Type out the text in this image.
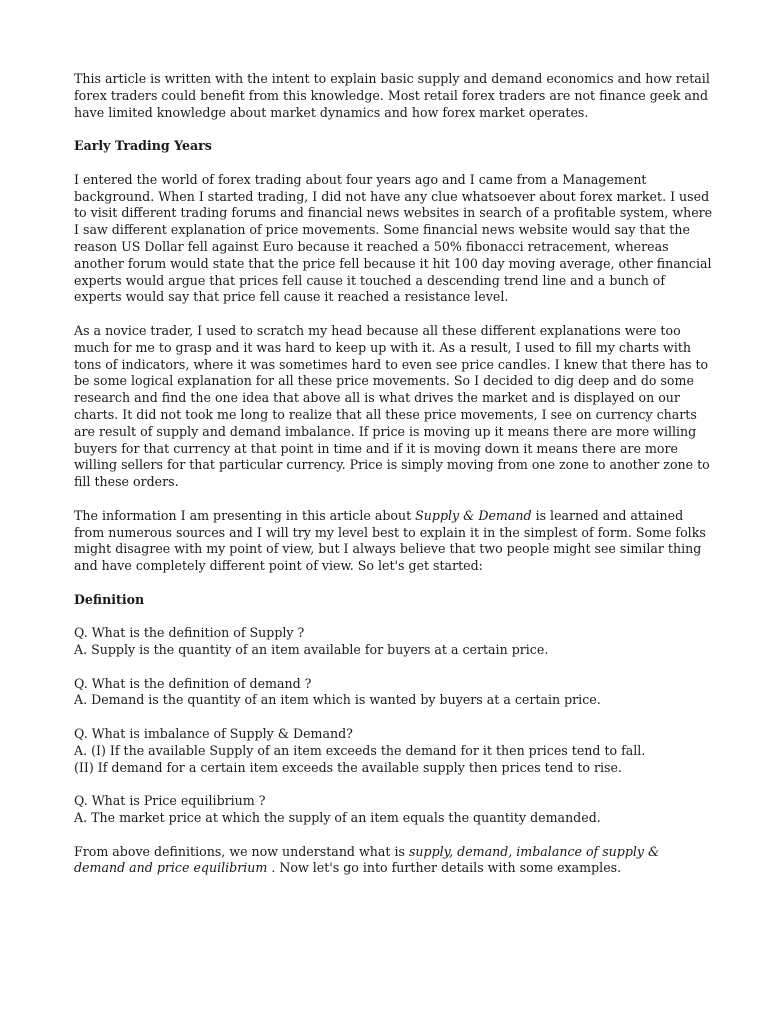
This article is written with the intent to explain basic supply and demand economics and how retail forex traders could benefit from this knowledge. Most retail forex traders are not finance geek and have limited knowledge about market dynamics and how forex market operates.

Early Trading Years

I entered the world of forex trading about four years ago and I came from a Management background. When I started trading, I did not have any clue whatsoever about forex market. I used to visit different trading forums and financial news websites in search of a profitable system, where I saw different explanation of price movements. Some financial news website would say that the reason US Dollar fell against Euro because it reached a 50% fibonacci retracement, whereas another forum would state that the price fell because it hit 100 day moving average, other financial experts would argue that prices fell cause it touched a descending trend line and a bunch of experts would say that price fell cause it reached a resistance level.

As a novice trader, I used to scratch my head because all these different explanations were too much for me to grasp and it was hard to keep up with it. As a result, I used to fill my charts with tons of indicators, where it was sometimes hard to even see price candles. I knew that there has to be some logical explanation for all these price movements. So I decided to dig deep and do some research and find the one idea that above all is what drives the market and is displayed on our charts. It did not took me long to realize that all these price movements, I see on currency charts are result of supply and demand imbalance. If price is moving up it means there are more willing buyers for that currency at that point in time and if it is moving down it means there are more willing sellers for that particular currency. Price is simply moving from one zone to another zone to fill these orders.

The information I am presenting in this article about Supply & Demand is learned and attained from numerous sources and I will try my level best to explain it in the simplest of form. Some folks might disagree with my point of view, but I always believe that two people might see similar thing and have completely different point of view. So let's get started:

Definition

Q. What is the definition of Supply ?

A. Supply is the quantity of an item available for buyers at a certain price.

Q. What is the definition of demand ?

A. Demand is the quantity of an item which is wanted by buyers at a certain price.

Q. What is imbalance of Supply & Demand?

A. (I) If the available Supply of an item exceeds the demand for it then prices tend to fall.

(II) If demand for a certain item exceeds the available supply then prices tend to rise.

Q. What is Price equilibrium ?

A. The market price at which the supply of an item equals the quantity demanded.

From above definitions, we now understand what is supply, demand, imbalance of supply & demand and price equilibrium . Now let's go into further details with some examples.
